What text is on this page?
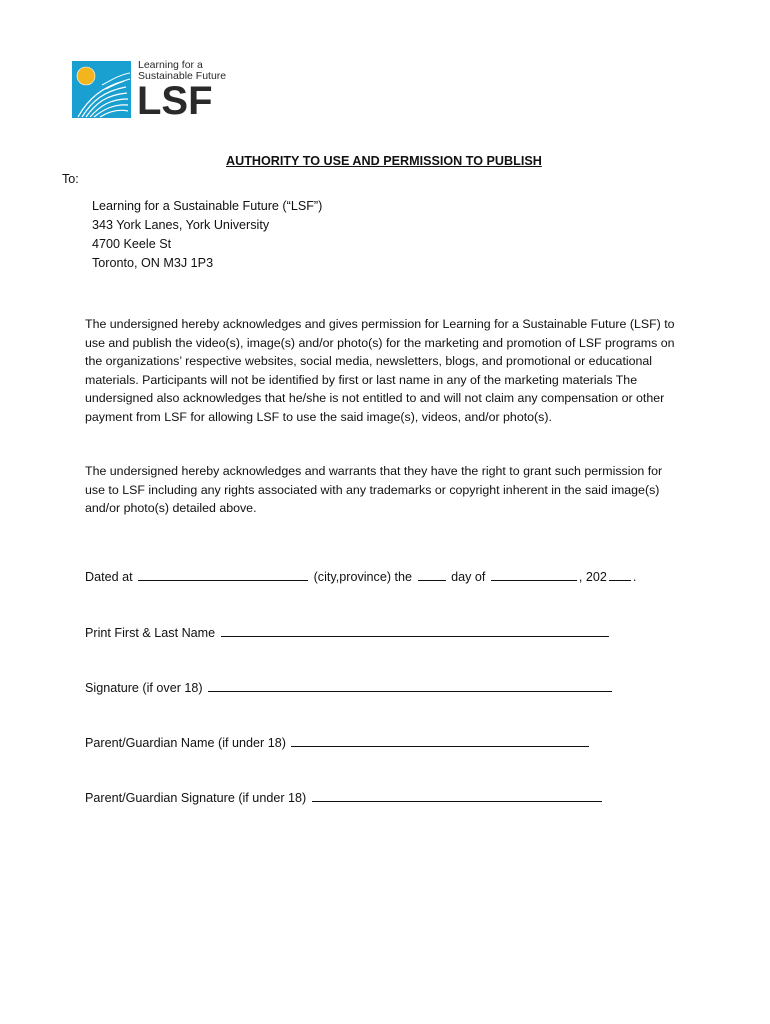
Learning for a
Sustainable Future
LSF
AUTHORITY TO USE AND PERMISSION TO PUBLISH
To:
Learning for a Sustainable Future (“LSF”)
343 York Lanes, York University
4700 Keele St
Toronto, ON M3J 1P3
The undersigned hereby acknowledges and gives permission for Learning for a Sustainable Future (LSF) to use and publish the video(s), image(s) and/or photo(s) for the marketing and promotion of LSF programs on the organizations’ respective websites, social media, newsletters, blogs, and promotional or educational materials. Participants will not be identified by first or last name in any of the marketing materials The undersigned also acknowledges that he/she is not entitled to and will not claim any compensation or other payment from LSF for allowing LSF to use the said image(s), videos, and/or photo(s).
The undersigned hereby acknowledges and warrants that they have the right to grant such permission for use to LSF including any rights associated with any trademarks or copyright inherent in the said image(s) and/or photo(s) detailed above.
Dated at	(city,province) the	day of	, 202 .
Print First & Last Name
Signature (if over 18)
Parent/Guardian Name (if under 18)
Parent/Guardian Signature (if under 18)
